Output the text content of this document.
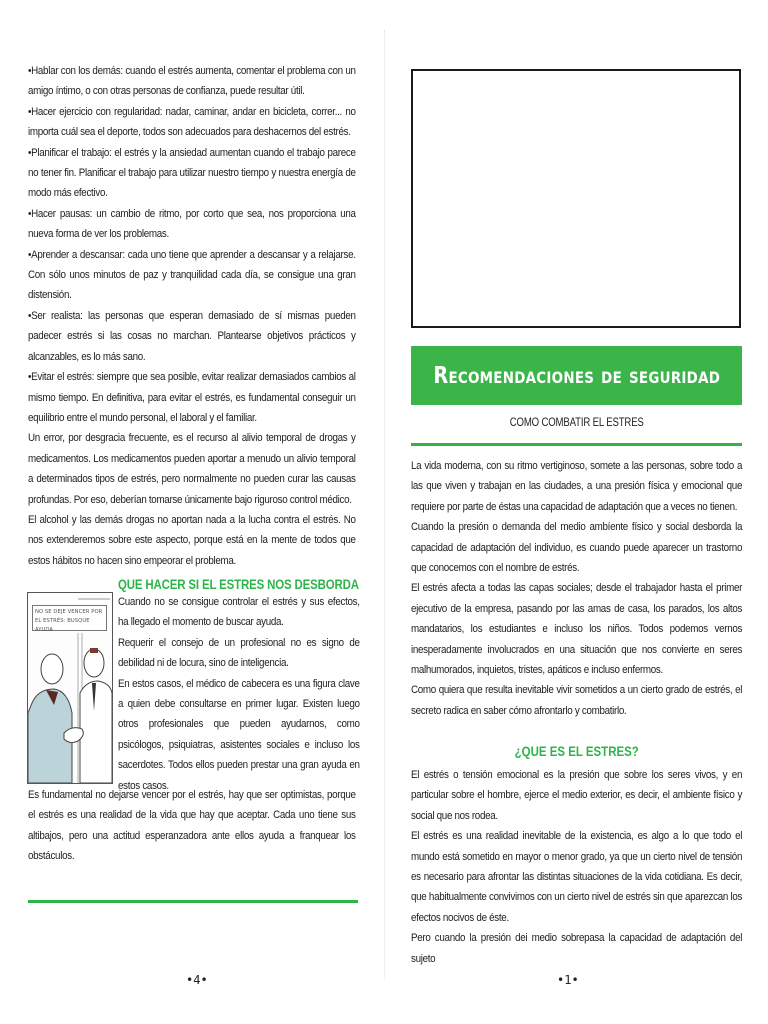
•Hablar con los demás: cuando el estrés aumenta, comentar el problema con un amigo íntimo, o con otras personas de confianza, puede resultar útil.

•Hacer ejercicio con regularidad: nadar, caminar, andar en bicicleta, correr... no importa cuál sea el deporte, todos son adecuados para deshacernos del estrés.

•Planificar el trabajo: el estrés y la ansiedad aumentan cuando el trabajo parece no tener fin. Planificar el trabajo para utilizar nuestro tiempo y nuestra energía de modo más efectivo.

•Hacer pausas: un cambio de ritmo, por corto que sea, nos proporciona una nueva forma de ver los problemas.

•Aprender a descansar: cada uno tiene que aprender a descansar y a relajarse. Con sólo unos minutos de paz y tranquilidad cada día, se consigue una gran distensión.

•Ser realista: las personas que esperan demasiado de sí mismas pueden padecer estrés si las cosas no marchan. Plantearse objetivos prácticos y alcanzables, es lo más sano.

•Evitar el estrés: siempre que sea posible, evitar realizar demasiados cambios al mismo tiempo. En definitiva, para evitar el estrés, es fundamental conseguir un equilibrio entre el mundo personal, el laboral y el familiar.

Un error, por desgracia frecuente, es el recurso al alivio temporal de drogas y medicamentos. Los medicamentos pueden aportar a menudo un alivio temporal a determinados tipos de estrés, pero normalmente no pueden curar las causas profundas. Por eso, deberían tomarse únicamente bajo riguroso control médico.

El alcohol y las demás drogas no aportan nada a la lucha contra el estrés. No nos extenderemos sobre este aspecto, porque está en la mente de todos que estos hábitos no hacen sino empeorar el problema.

NO SE DEJE VENCER POR EL ESTRÉS: BUSQUE AYUDA
QUE HACER SI EL ESTRES NOS DESBORDA

Cuando no se consigue controlar el estrés y sus efectos, ha llegado el momento de buscar ayuda.

Requerir el consejo de un profesional no es signo de debilidad ni de locura, sino de inteligencia.

En estos casos, el médico de cabecera es una figura clave a quien debe consultarse en primer lugar. Existen luego otros profesionales que pueden ayudarnos, como psicólogos, psiquiatras, asistentes sociales e incluso los sacerdotes. Todos ellos pueden prestar una gran ayuda en estos casos.

Es fundamental no dejarse vencer por el estrés, hay que ser optimistas, porque el estrés es una realidad de la vida que hay que aceptar. Cada uno tiene sus altibajos, pero una actitud esperanzadora ante ellos ayuda a franquear los obstáculos.

•4•
Recomendaciones de seguridad
COMO COMBATIR EL ESTRES

La vida moderna, con su ritmo vertiginoso, somete a las personas, sobre todo a las que viven y trabajan en las ciudades, a una presión física y emocional que requiere por parte de éstas una capacidad de adaptación que a veces no tienen.

Cuando la presión o demanda del medio ambíente físico y social desborda la capacidad de adaptación del individuo, es cuando puede aparecer un trastorno que conocemos con el nombre de estrés.

El estrés afecta a todas las capas sociales; desde el trabajador hasta el primer ejecutivo de la empresa, pasando por las amas de casa, los parados, los altos mandatarios, los estudiantes e incluso los niños. Todos podemos vernos inesperadamente involucrados en una situación que nos convierte en seres malhumorados, inquietos, tristes, apáticos e incluso enfermos.

Como quiera que resulta inevitable vivir sometidos a un cierto grado de estrés, el secreto radica en saber cómo afrontarlo y combatirlo.

¿QUE ES EL ESTRES?

El estrés o tensión emocional es la presión que sobre los seres vivos, y en particular sobre el hombre, ejerce el medio exterior, es decir, el ambiente físico y social que nos rodea.

El estrés es una realidad inevitable de la existencia, es algo a lo que todo el mundo está sometido en mayor o menor grado, ya que un cierto nivel de tensión es necesario para afrontar las distintas situaciones de la vida cotidiana. Es decir, que habitualmente convivimos con un cierto nivel de estrés sin que aparezcan los efectos nocivos de éste.

Pero cuando la presión dei medio sobrepasa la capacidad de adaptación del sujeto

•1•
